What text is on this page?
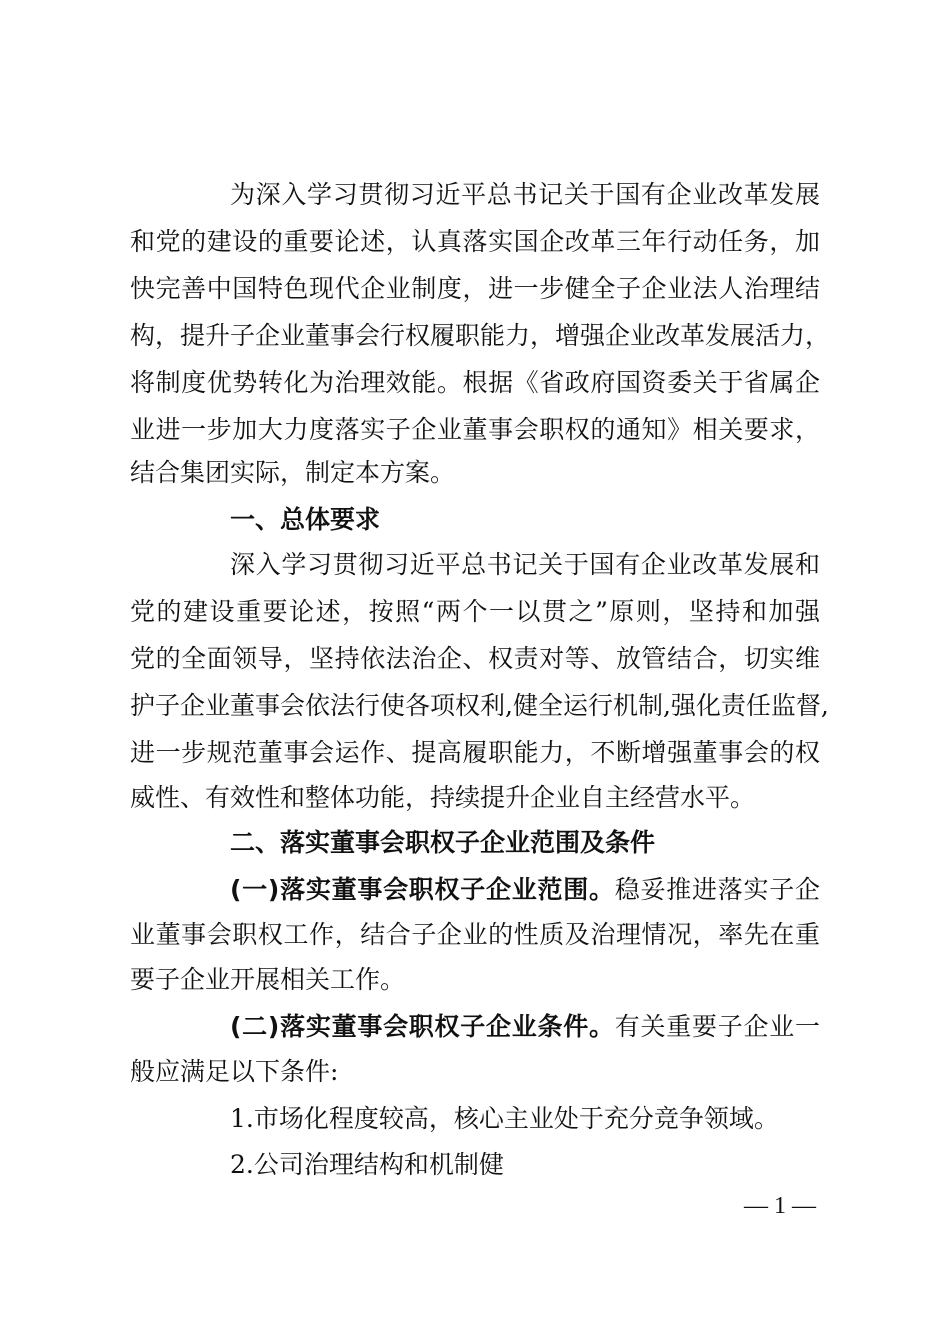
为深入学习贯彻习近平总书记关于国有企业改革发展
和党的建设的重要论述，认真落实国企改革三年行动任务，加
快完善中国特色现代企业制度，进一步健全子企业法人治理结
构，提升子企业董事会行权履职能力，增强企业改革发展活力，
将制度优势转化为治理效能。根据《省政府国资委关于省属企
业进一步加大力度落实子企业董事会职权的通知》相关要求，
结合集团实际，制定本方案。
一、总体要求
深入学习贯彻习近平总书记关于国有企业改革发展和
党的建设重要论述，按照“两个一以贯之”原则，坚持和加强
党的全面领导，坚持依法治企、权责对等、放管结合，切实维
护子企业董事会依法行使各项权利,健全运行机制,强化责任监督,
进一步规范董事会运作、提高履职能力，不断增强董事会的权
威性、有效性和整体功能，持续提升企业自主经营水平。
二、落实董事会职权子企业范围及条件
(一)落实董事会职权子企业范围。稳妥推进落实子企
业董事会职权工作，结合子企业的性质及治理情况，率先在重
要子企业开展相关工作。
(二)落实董事会职权子企业条件。有关重要子企业一
般应满足以下条件:
1.市场化程度较高，核心主业处于充分竞争领域。
2.公司治理结构和机制健
— 1 —
